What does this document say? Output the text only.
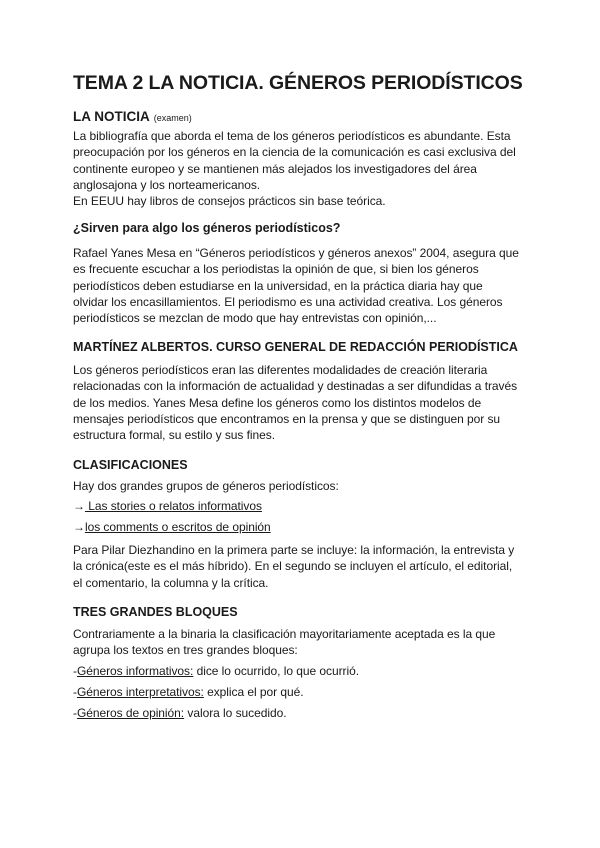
TEMA 2 LA NOTICIA. GÉNEROS PERIODÍSTICOS
LA NOTICIA (examen)

La bibliografía que aborda el tema de los géneros periodísticos es abundante. Esta
preocupación por los géneros en la ciencia de la comunicación es casi exclusiva del
continente europeo y se mantienen más alejados los investigadores del área
anglosajona y los norteamericanos.
En EEUU hay libros de consejos prácticos sin base teórica.

¿Sirven para algo los géneros periodísticos?

Rafael Yanes Mesa en “Géneros periodísticos y géneros anexos” 2004, asegura que
es frecuente escuchar a los periodistas la opinión de que, si bien los géneros
periodísticos deben estudiarse en la universidad, en la práctica diaria hay que
olvidar los encasillamientos. El periodismo es una actividad creativa. Los géneros
periodísticos se mezclan de modo que hay entrevistas con opinión,...

MARTÍNEZ ALBERTOS. CURSO GENERAL DE REDACCIÓN PERIODÍSTICA

Los géneros periodísticos eran las diferentes modalidades de creación literaria
relacionadas con la información de actualidad y destinadas a ser difundidas a través
de los medios. Yanes Mesa define los géneros como los distintos modelos de
mensajes periodísticos que encontramos en la prensa y que se distinguen por su
estructura formal, su estilo y sus fines.

CLASIFICACIONES

Hay dos grandes grupos de géneros periodísticos:

→ Las stories o relatos informativos

→los comments o escritos de opinión

Para Pilar Diezhandino en la primera parte se incluye: la información, la entrevista y
la crónica(este es el más híbrido). En el segundo se incluyen el artículo, el editorial,
el comentario, la columna y la crítica.

TRES GRANDES BLOQUES

Contrariamente a la binaria la clasificación mayoritariamente aceptada es la que
agrupa los textos en tres grandes bloques:

-Géneros informativos: dice lo ocurrido, lo que ocurrió.

-Géneros interpretativos: explica el por qué.

-Géneros de opinión: valora lo sucedido.
